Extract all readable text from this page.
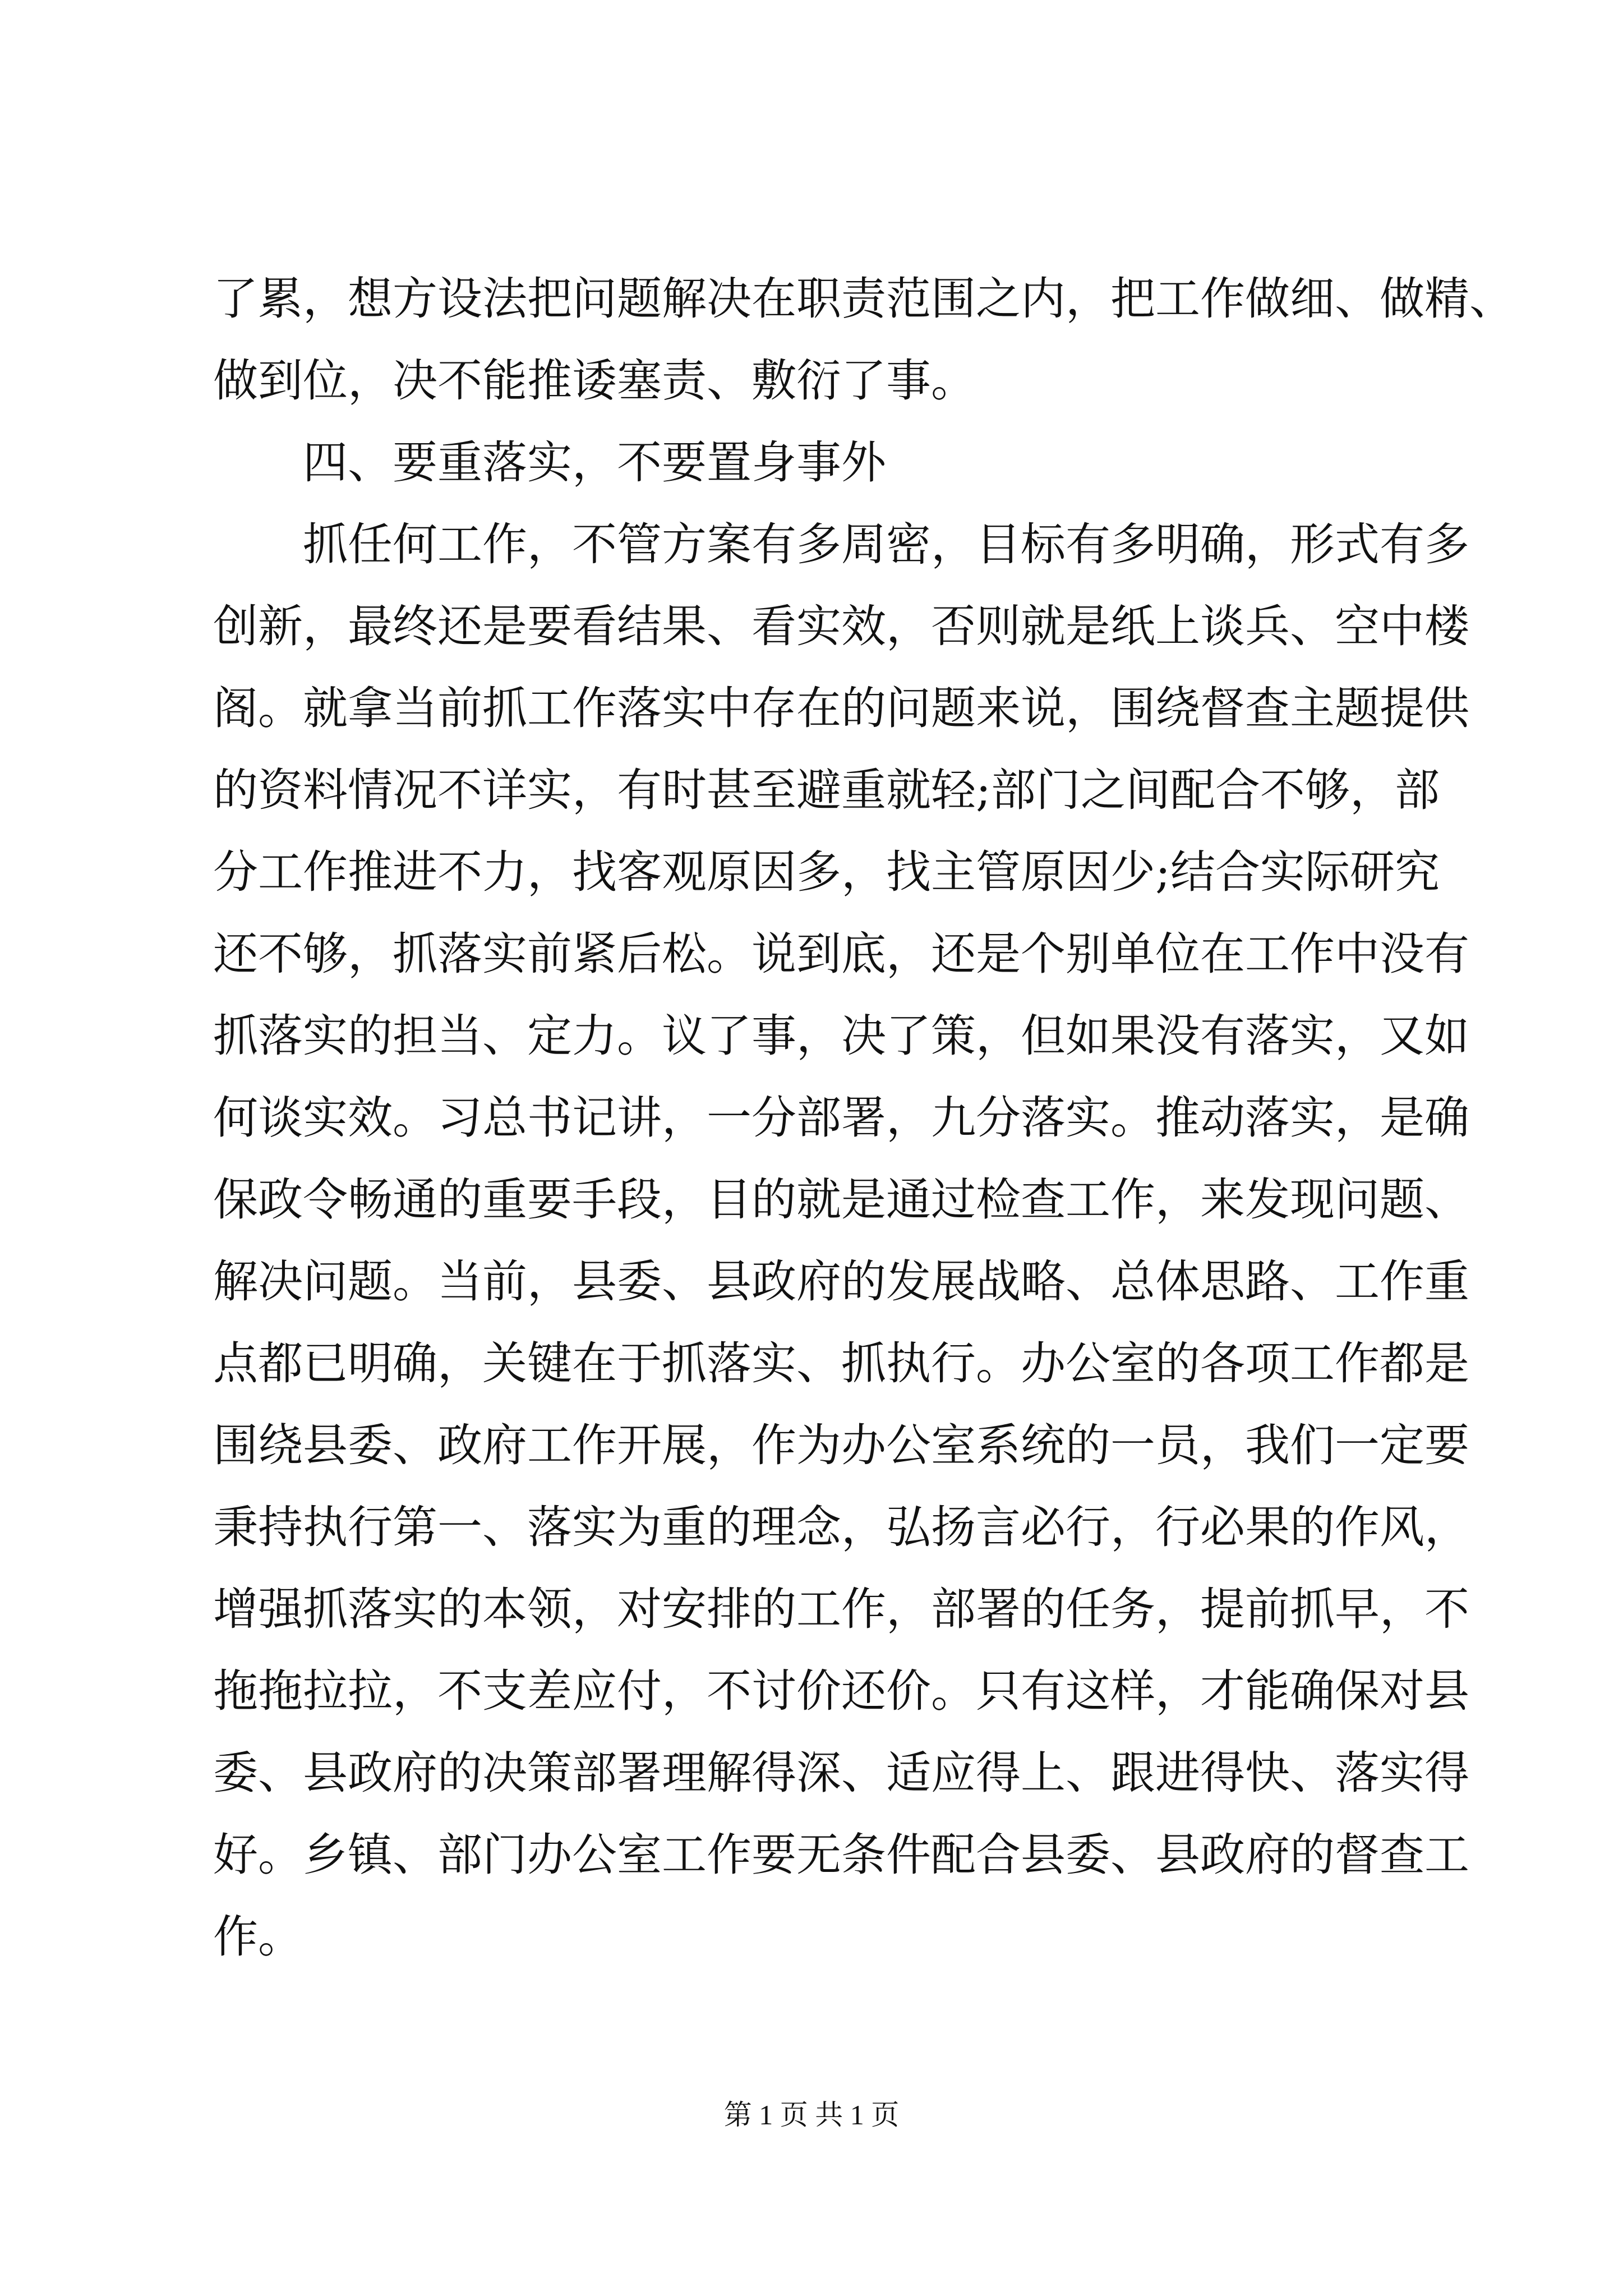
了累，想方设法把问题解决在职责范围之内，把工作做细、做精、
做到位，决不能推诿塞责、敷衍了事。
四、要重落实，不要置身事外
抓任何工作，不管方案有多周密，目标有多明确，形式有多
创新，最终还是要看结果、看实效，否则就是纸上谈兵、空中楼
阁。就拿当前抓工作落实中存在的问题来说，围绕督查主题提供
的资料情况不详实，有时甚至避重就轻;部门之间配合不够，部
分工作推进不力，找客观原因多，找主管原因少;结合实际研究
还不够，抓落实前紧后松。说到底，还是个别单位在工作中没有
抓落实的担当、定力。议了事，决了策，但如果没有落实，又如
何谈实效。习总书记讲，一分部署，九分落实。推动落实，是确
保政令畅通的重要手段，目的就是通过检查工作，来发现问题、
解决问题。当前，县委、县政府的发展战略、总体思路、工作重
点都已明确，关键在于抓落实、抓执行。办公室的各项工作都是
围绕县委、政府工作开展，作为办公室系统的一员，我们一定要
秉持执行第一、落实为重的理念，弘扬言必行，行必果的作风，
增强抓落实的本领，对安排的工作，部署的任务，提前抓早，不
拖拖拉拉，不支差应付，不讨价还价。只有这样，才能确保对县
委、县政府的决策部署理解得深、适应得上、跟进得快、落实得
好。乡镇、部门办公室工作要无条件配合县委、县政府的督查工
作。
第 1 页 共 1 页
